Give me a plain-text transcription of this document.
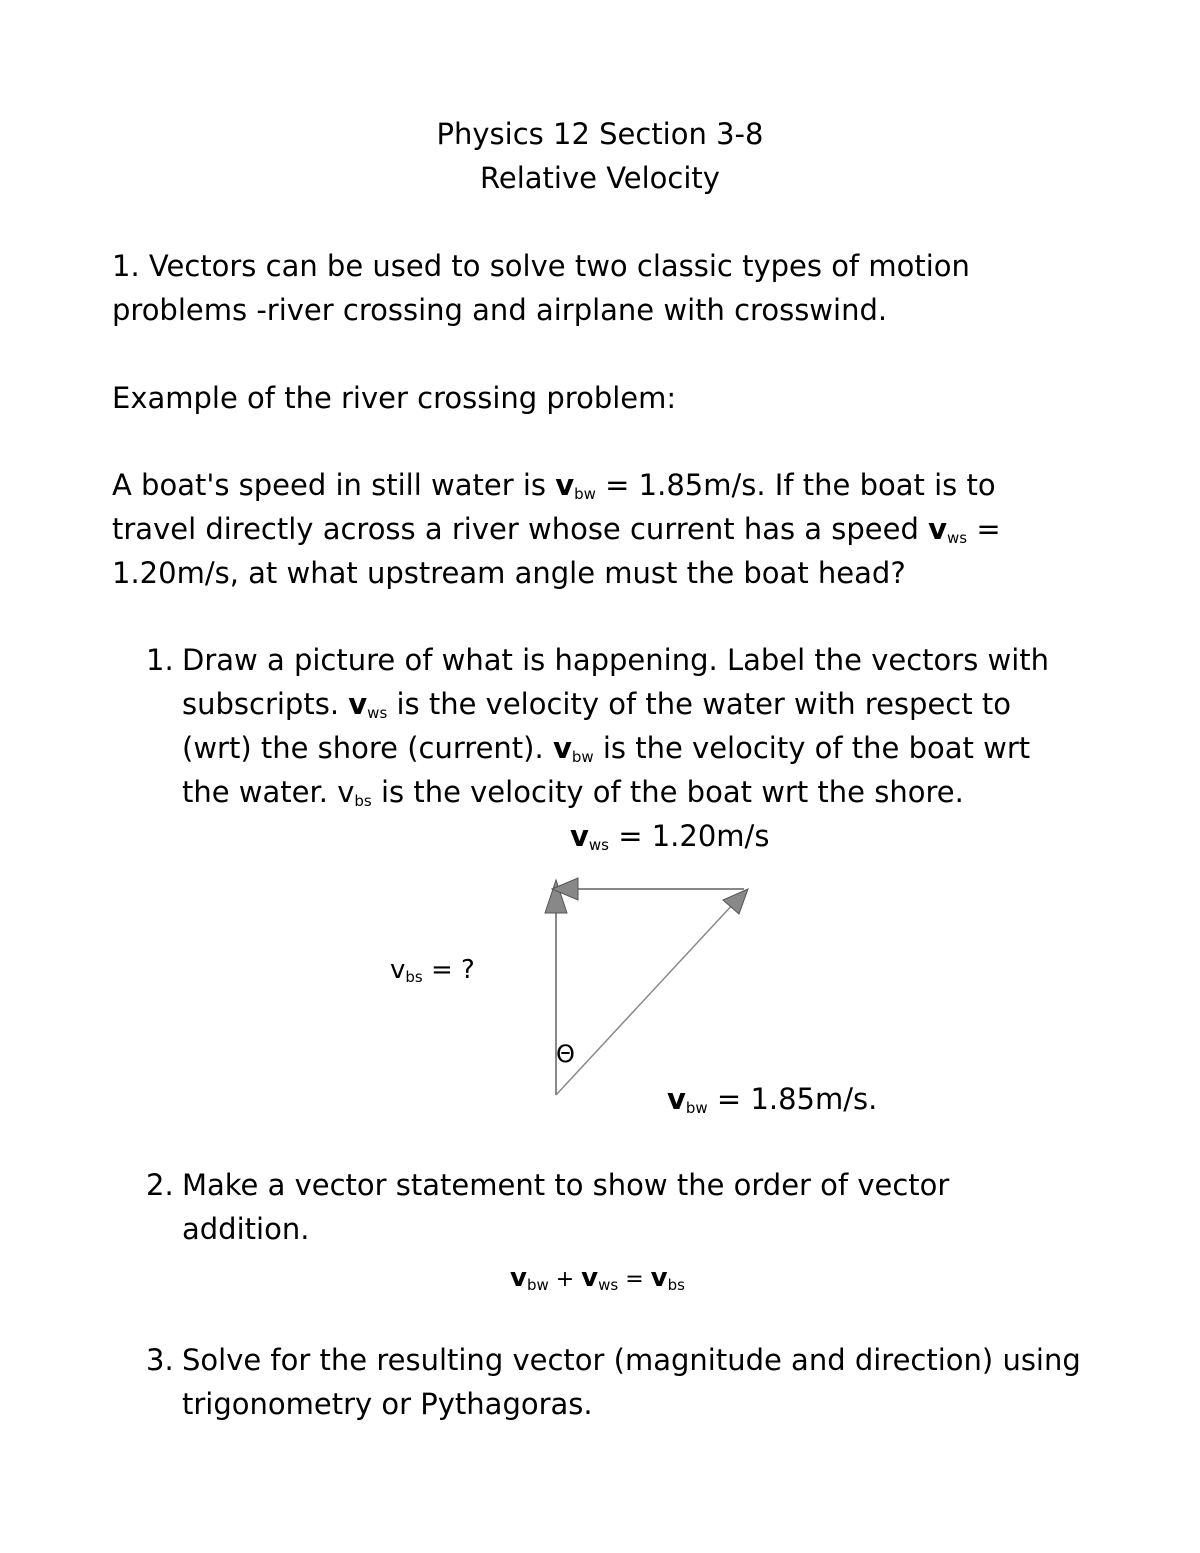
Physics 12 Section 3-8
Relative Velocity
1. Vectors can be used to solve two classic types of motion
problems -river crossing and airplane with crosswind.
Example of the river crossing problem:
A boat's speed in still water is $v_{bw} = 1.85m/s$. If the boat is to
travel directly across a river whose current has a speed $v_{ws}$ =
1.20m/s, at what upstream angle must the boat head?
1. Draw a picture of what is happening. Label the vectors with
subscripts. $v_{ws}$ is the velocity of the water with respect to
(wrt) the shore (current). $v_{bw}$ is the velocity of the boat wrt
the water. $v_{bs}$ is the velocity of the boat wrt the shore.
$v_{ws} = 1.20m/s$
$v_{bs}$ = ?
Θ
$v_{bw} = 1.85m/s$.
2. Make a vector statement to show the order of vector
addition.
$v_{bw} + v_{ws} = v_{bs}$
3. Solve for the resulting vector (magnitude and direction) using
trigonometry or Pythagoras.
